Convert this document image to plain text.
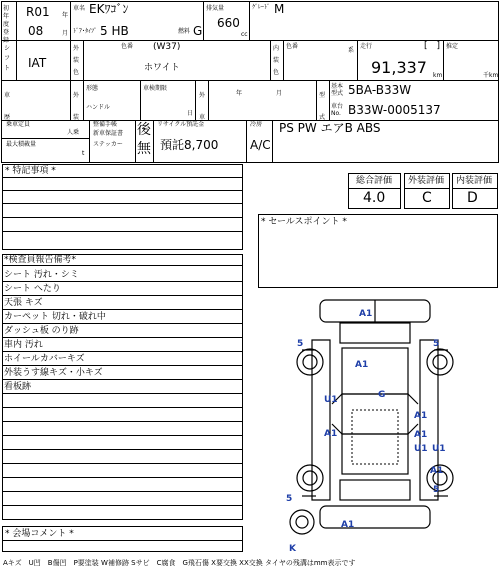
初年度登録
R01 年
08	月
車名 EKﾜｺﾞﾝ
ﾄﾞｱ･ﾀｲﾌﾟ 5 HB	燃料 G
排気量
660
cc
ｸﾞﾚｰﾄﾞ M
シフト IAT
外装色
色番 (W37)
ホワイト
内装色
色番
系
走行	[　]
91,337 km
推定
千km
車歴
外装
形態
ハンドル
車検期限
年	月
日
外車
型式
基本型式 5BA-B33W
車台No. B33W-0005137
乗車定員
人乗
最大積載量
t
整備手帳
新車保証書
ステッカー
後
無
リサイクル預託金
預託8,700
冷房
A/C
PS PW エアB ABS
* 特記事項 *
総合評価
4.0
外装評価
C
内装評価
D
* セールスポイント *
*検査員報告備考*
シート 汚れ・シミ
シート へたり
天張 キズ
カーペット 切れ・破れ中
ダッシュ板 のり跡
車内 汚れ
ホイールカバーキズ
外装うす線キズ・小キズ
看板跡
A1
A1
U1	G
A1
A1
A1
U1 U1
A1
A1
5	5
5
5
K
* 会場コメント *
Aキズ　U凹　B傷凹　P要塗装 W補修跡 Sサビ　C腐食　G飛石傷 X要交換 XX交換 タイヤの残溝はmm表示です
